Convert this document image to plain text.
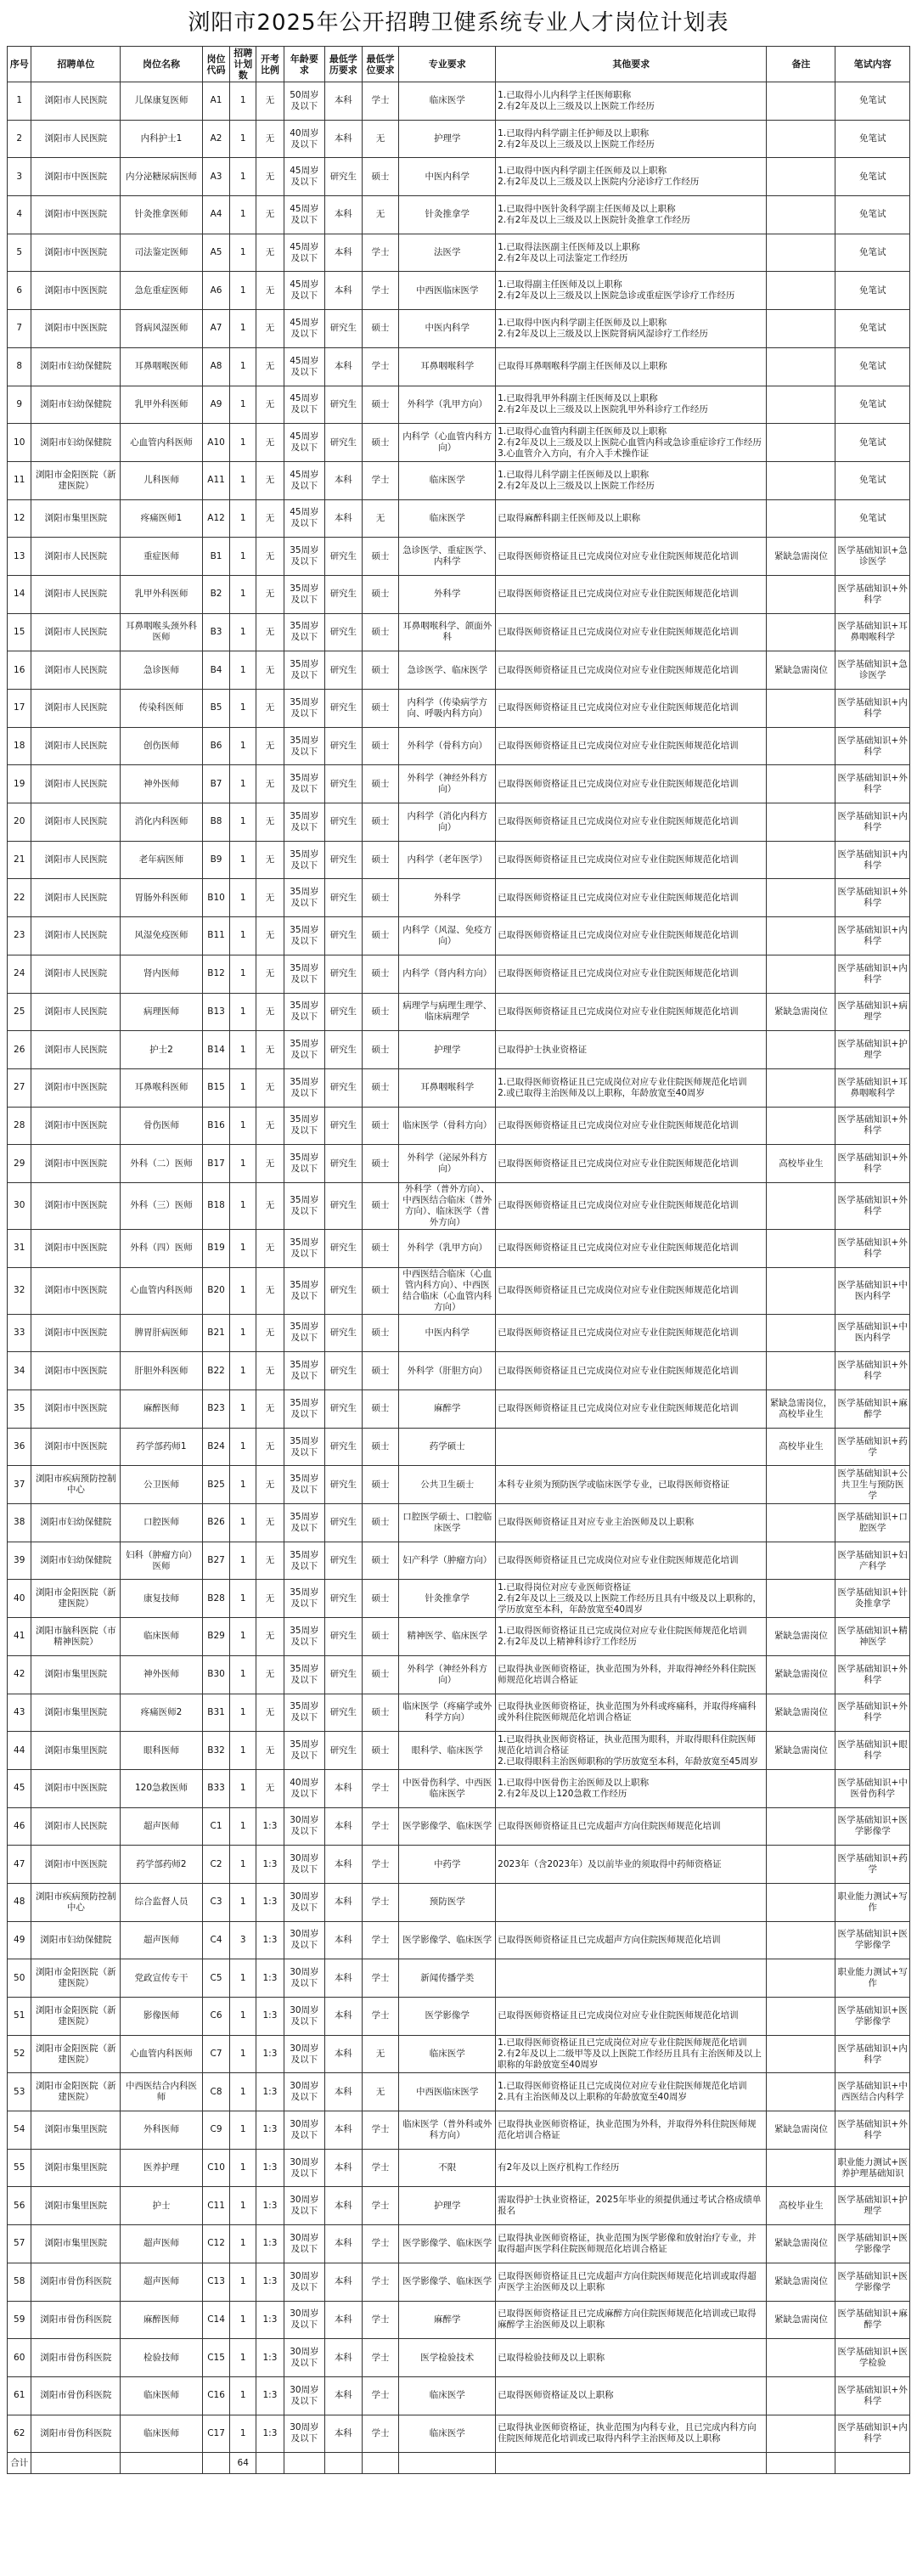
浏阳市2025年公开招聘卫健系统专业人才岗位计划表
序号	招聘单位	岗位名称	岗位代码	招聘计划数	开考比例	年龄要求	最低学历要求	最低学位要求	专业要求	其他要求	备注	笔试内容
1	浏阳市人民医院	儿保康复医师	A1	1	无	50周岁及以下	本科	学士	临床医学	1.已取得小儿内科学主任医师职称
2.有2年及以上三级及以上医院工作经历		免笔试
2	浏阳市人民医院	内科护士1	A2	1	无	40周岁及以下	本科	无	护理学	1.已取得内科学副主任护师及以上职称
2.有2年及以上三级及以上医院工作经历		免笔试
3	浏阳市中医医院	内分泌糖尿病医师	A3	1	无	45周岁及以下	研究生	硕士	中医内科学	1.已取得中医内科学副主任医师及以上职称
2.有2年及以上三级及以上医院内分泌诊疗工作经历		免笔试
4	浏阳市中医医院	针灸推拿医师	A4	1	无	45周岁及以下	本科	无	针灸推拿学	1.已取得中医针灸科学副主任医师及以上职称
2.有2年及以上三级及以上医院针灸推拿工作经历		免笔试
5	浏阳市中医医院	司法鉴定医师	A5	1	无	45周岁及以下	本科	学士	法医学	1.已取得法医副主任医师及以上职称
2.有2年及以上司法鉴定工作经历		免笔试
6	浏阳市中医医院	急危重症医师	A6	1	无	45周岁及以下	本科	学士	中西医临床医学	1.已取得副主任医师及以上职称
2.有2年及以上三级及以上医院急诊或重症医学诊疗工作经历		免笔试
7	浏阳市中医医院	肾病风湿医师	A7	1	无	45周岁及以下	研究生	硕士	中医内科学	1.已取得中医内科学副主任医师及以上职称
2.有2年及以上三级及以上医院肾病风湿诊疗工作经历		免笔试
8	浏阳市妇幼保健院	耳鼻咽喉医师	A8	1	无	45周岁及以下	本科	学士	耳鼻咽喉科学	已取得耳鼻咽喉科学副主任医师及以上职称		免笔试
9	浏阳市妇幼保健院	乳甲外科医师	A9	1	无	45周岁及以下	研究生	硕士	外科学（乳甲方向）	1.已取得乳甲外科副主任医师及以上职称
2.有2年及以上三级及以上医院乳甲外科诊疗工作经历		免笔试
10	浏阳市妇幼保健院	心血管内科医师	A10	1	无	45周岁及以下	研究生	硕士	内科学（心血管内科方向）	1.已取得心血管内科副主任医师及以上职称
2.有2年及以上三级及以上医院心血管内科或急诊重症诊疗工作经历
3.心血管介入方向，有介入手术操作证		免笔试
11	浏阳市金阳医院（新建医院）	儿科医师	A11	1	无	45周岁及以下	本科	学士	临床医学	1.已取得儿科学副主任医师及以上职称
2.有2年及以上三级及以上医院工作经历		免笔试
12	浏阳市集里医院	疼痛医师1	A12	1	无	45周岁及以下	本科	无	临床医学	已取得麻醉科副主任医师及以上职称		免笔试
13	浏阳市人民医院	重症医师	B1	1	无	35周岁及以下	研究生	硕士	急诊医学、重症医学、内科学	已取得医师资格证且已完成岗位对应专业住院医师规范化培训	紧缺急需岗位	医学基础知识+急诊医学
14	浏阳市人民医院	乳甲外科医师	B2	1	无	35周岁及以下	研究生	硕士	外科学	已取得医师资格证且已完成岗位对应专业住院医师规范化培训		医学基础知识+外科学
15	浏阳市人民医院	耳鼻咽喉头颈外科医师	B3	1	无	35周岁及以下	研究生	硕士	耳鼻咽喉科学、颌面外科	已取得医师资格证且已完成岗位对应专业住院医师规范化培训		医学基础知识+耳鼻咽喉科学
16	浏阳市人民医院	急诊医师	B4	1	无	35周岁及以下	研究生	硕士	急诊医学、临床医学	已取得医师资格证且已完成岗位对应专业住院医师规范化培训	紧缺急需岗位	医学基础知识+急诊医学
17	浏阳市人民医院	传染科医师	B5	1	无	35周岁及以下	研究生	硕士	内科学（传染病学方向、呼吸内科方向）	已取得医师资格证且已完成岗位对应专业住院医师规范化培训		医学基础知识+内科学
18	浏阳市人民医院	创伤医师	B6	1	无	35周岁及以下	研究生	硕士	外科学（骨科方向）	已取得医师资格证且已完成岗位对应专业住院医师规范化培训		医学基础知识+外科学
19	浏阳市人民医院	神外医师	B7	1	无	35周岁及以下	研究生	硕士	外科学（神经外科方向）	已取得医师资格证且已完成岗位对应专业住院医师规范化培训		医学基础知识+外科学
20	浏阳市人民医院	消化内科医师	B8	1	无	35周岁及以下	研究生	硕士	内科学（消化内科方向）	已取得医师资格证且已完成岗位对应专业住院医师规范化培训		医学基础知识+内科学
21	浏阳市人民医院	老年病医师	B9	1	无	35周岁及以下	研究生	硕士	内科学（老年医学）	已取得医师资格证且已完成岗位对应专业住院医师规范化培训		医学基础知识+内科学
22	浏阳市人民医院	胃肠外科医师	B10	1	无	35周岁及以下	研究生	硕士	外科学	已取得医师资格证且已完成岗位对应专业住院医师规范化培训		医学基础知识+外科学
23	浏阳市人民医院	风湿免疫医师	B11	1	无	35周岁及以下	研究生	硕士	内科学（风湿、免疫方向）	已取得医师资格证且已完成岗位对应专业住院医师规范化培训		医学基础知识+内科学
24	浏阳市人民医院	肾内医师	B12	1	无	35周岁及以下	研究生	硕士	内科学（肾内科方向）	已取得医师资格证且已完成岗位对应专业住院医师规范化培训		医学基础知识+内科学
25	浏阳市人民医院	病理医师	B13	1	无	35周岁及以下	研究生	硕士	病理学与病理生理学、临床病理学	已取得医师资格证且已完成岗位对应专业住院医师规范化培训	紧缺急需岗位	医学基础知识+病理学
26	浏阳市人民医院	护士2	B14	1	无	35周岁及以下	研究生	硕士	护理学	已取得护士执业资格证		医学基础知识+护理学
27	浏阳市中医医院	耳鼻喉科医师	B15	1	无	35周岁及以下	研究生	硕士	耳鼻咽喉科学	1.已取得医师资格证且已完成岗位对应专业住院医师规范化培训
2.或已取得主治医师及以上职称，年龄放宽至40周岁		医学基础知识+耳鼻咽喉科学
28	浏阳市中医医院	骨伤医师	B16	1	无	35周岁及以下	研究生	硕士	临床医学（骨科方向）	已取得医师资格证且已完成岗位对应专业住院医师规范化培训		医学基础知识+外科学
29	浏阳市中医医院	外科（二）医师	B17	1	无	35周岁及以下	研究生	硕士	外科学（泌尿外科方向）	已取得医师资格证且已完成岗位对应专业住院医师规范化培训	高校毕业生	医学基础知识+外科学
30	浏阳市中医医院	外科（三）医师	B18	1	无	35周岁及以下	研究生	硕士	外科学（普外方向）、中西医结合临床（普外方向）、临床医学（普外方向）	已取得医师资格证且已完成岗位对应专业住院医师规范化培训		医学基础知识+外科学
31	浏阳市中医医院	外科（四）医师	B19	1	无	35周岁及以下	研究生	硕士	外科学（乳甲方向）	已取得医师资格证且已完成岗位对应专业住院医师规范化培训		医学基础知识+外科学
32	浏阳市中医医院	心血管内科医师	B20	1	无	35周岁及以下	研究生	硕士	中西医结合临床（心血管内科方向）、中西医结合临床（心血管内科方向）	已取得医师资格证且已完成岗位对应专业住院医师规范化培训		医学基础知识+中医内科学
33	浏阳市中医医院	脾胃肝病医师	B21	1	无	35周岁及以下	研究生	硕士	中医内科学	已取得医师资格证且已完成岗位对应专业住院医师规范化培训		医学基础知识+中医内科学
34	浏阳市中医医院	肝胆外科医师	B22	1	无	35周岁及以下	研究生	硕士	外科学（肝胆方向）	已取得医师资格证且已完成岗位对应专业住院医师规范化培训		医学基础知识+外科学
35	浏阳市中医医院	麻醉医师	B23	1	无	35周岁及以下	研究生	硕士	麻醉学	已取得医师资格证且已完成岗位对应专业住院医师规范化培训	紧缺急需岗位，高校毕业生	医学基础知识+麻醉学
36	浏阳市中医医院	药学部药师1	B24	1	无	35周岁及以下	研究生	硕士	药学硕士		高校毕业生	医学基础知识+药学
37	浏阳市疾病预防控制中心	公卫医师	B25	1	无	35周岁及以下	研究生	硕士	公共卫生硕士	本科专业须为预防医学或临床医学专业，已取得医师资格证		医学基础知识+公共卫生与预防医学
38	浏阳市妇幼保健院	口腔医师	B26	1	无	35周岁及以下	研究生	硕士	口腔医学硕士、口腔临床医学	已取得医师资格证且对应专业主治医师及以上职称		医学基础知识+口腔医学
39	浏阳市妇幼保健院	妇科（肿瘤方向）医师	B27	1	无	35周岁及以下	研究生	硕士	妇产科学（肿瘤方向）	已取得医师资格证且已完成岗位对应专业住院医师规范化培训		医学基础知识+妇产科学
40	浏阳市金阳医院（新建医院）	康复技师	B28	1	无	35周岁及以下	研究生	硕士	针灸推拿学	1.已取得岗位对应专业医师资格证
2.有2年及以上三级及以上医院工作经历且具有中级及以上职称的，学历放宽至本科，年龄放宽至40周岁		医学基础知识+针灸推拿学
41	浏阳市脑科医院（市精神医院）	临床医师	B29	1	无	35周岁及以下	研究生	硕士	精神医学、临床医学	1.已取得医师资格证且已完成岗位对应专业住院医师规范化培训
2.有2年及以上精神科诊疗工作经历	紧缺急需岗位	医学基础知识+精神医学
42	浏阳市集里医院	神外医师	B30	1	无	35周岁及以下	研究生	硕士	外科学（神经外科方向）	已取得执业医师资格证，执业范围为外科，并取得神经外科住院医师规范化培训合格证	紧缺急需岗位	医学基础知识+外科学
43	浏阳市集里医院	疼痛医师2	B31	1	无	35周岁及以下	研究生	硕士	临床医学（疼痛学或外科学方向）	已取得执业医师资格证，执业范围为外科或疼痛科，并取得疼痛科或外科住院医师规范化培训合格证	紧缺急需岗位	医学基础知识+外科学
44	浏阳市集里医院	眼科医师	B32	1	无	35周岁及以下	研究生	硕士	眼科学、临床医学	1.已取得执业医师资格证，执业范围为眼科，并取得眼科住院医师规范化培训合格证
2.已取得眼科主治医师职称的学历放宽至本科，年龄放宽至45周岁	紧缺急需岗位	医学基础知识+眼科学
45	浏阳市中医医院	120急救医师	B33	1	无	40周岁及以下	本科	学士	中医骨伤科学、中西医临床医学	1.已取得中医骨伤主治医师及以上职称
2.有2年及以上120急救工作经历		医学基础知识+中医骨伤科学
46	浏阳市人民医院	超声医师	C1	1	1:3	30周岁及以下	本科	学士	医学影像学、临床医学	已取得医师资格证且已完成超声方向住院医师规范化培训		医学基础知识+医学影像学
47	浏阳市中医医院	药学部药师2	C2	1	1:3	30周岁及以下	本科	学士	中药学	2023年（含2023年）及以前毕业的须取得中药师资格证		医学基础知识+药学
48	浏阳市疾病预防控制中心	综合监督人员	C3	1	1:3	30周岁及以下	本科	学士	预防医学			职业能力测试+写作
49	浏阳市妇幼保健院	超声医师	C4	3	1:3	30周岁及以下	本科	学士	医学影像学、临床医学	已取得医师资格证且已完成超声方向住院医师规范化培训		医学基础知识+医学影像学
50	浏阳市金阳医院（新建医院）	党政宣传专干	C5	1	1:3	30周岁及以下	本科	学士	新闻传播学类			职业能力测试+写作
51	浏阳市金阳医院（新建医院）	影像医师	C6	1	1:3	30周岁及以下	本科	学士	医学影像学	已取得医师资格证且已完成岗位对应专业住院医师规范化培训		医学基础知识+医学影像学
52	浏阳市金阳医院（新建医院）	心血管内科医师	C7	1	1:3	30周岁及以下	本科	无	临床医学	1.已取得医师资格证且已完成岗位对应专业住院医师规范化培训
2.有2年及以上二级甲等及以上医院工作经历且具有主治医师及以上职称的年龄放宽至40周岁		医学基础知识+内科学
53	浏阳市金阳医院（新建医院）	中西医结合内科医师	C8	1	1:3	30周岁及以下	本科	无	中西医临床医学	1.已取得医师资格证且已完成岗位对应专业住院医师规范化培训
2.具有主治医师及以上职称的年龄放宽至40周岁		医学基础知识+中西医结合内科学
54	浏阳市集里医院	外科医师	C9	1	1:3	30周岁及以下	本科	学士	临床医学（普外科或外科方向）	已取得执业医师资格证，执业范围为外科，并取得外科住院医师规范化培训合格证	紧缺急需岗位	医学基础知识+外科学
55	浏阳市集里医院	医养护理	C10	1	1:3	30周岁及以下	本科	学士	不限	有2年及以上医疗机构工作经历		职业能力测试+医养护理基础知识
56	浏阳市集里医院	护士	C11	1	1:3	30周岁及以下	本科	学士	护理学	需取得护士执业资格证，2025年毕业的须提供通过考试合格成绩单报名	高校毕业生	医学基础知识+护理学
57	浏阳市集里医院	超声医师	C12	1	1:3	30周岁及以下	本科	学士	医学影像学、临床医学	已取得执业医师资格证，执业范围为医学影像和放射治疗专业，并取得超声医学科住院医师规范化培训合格证	紧缺急需岗位	医学基础知识+医学影像学
58	浏阳市骨伤科医院	超声医师	C13	1	1:3	30周岁及以下	本科	学士	医学影像学、临床医学	已取得医师资格证且已完成超声方向住院医师规范化培训或取得超声医学主治医师及以上职称	紧缺急需岗位	医学基础知识+医学影像学
59	浏阳市骨伤科医院	麻醉医师	C14	1	1:3	30周岁及以下	本科	学士	麻醉学	已取得医师资格证且已完成麻醉方向住院医师规范化培训或已取得麻醉学主治医师及以上职称	紧缺急需岗位	医学基础知识+麻醉学
60	浏阳市骨伤科医院	检验技师	C15	1	1:3	30周岁及以下	本科	学士	医学检验技术	已取得检验技师及以上职称		医学基础知识+医学检验
61	浏阳市骨伤科医院	临床医师	C16	1	1:3	30周岁及以下	本科	学士	临床医学	已取得医师资格证及以上职称		医学基础知识+外科学
62	浏阳市骨伤科医院	临床医师	C17	1	1:3	30周岁及以下	本科	学士	临床医学	已取得执业医师资格证，执业范围为内科专业，且已完成内科方向住院医师规范化培训或已取得内科学主治医师及以上职称		医学基础知识+内科学
合计				64								
